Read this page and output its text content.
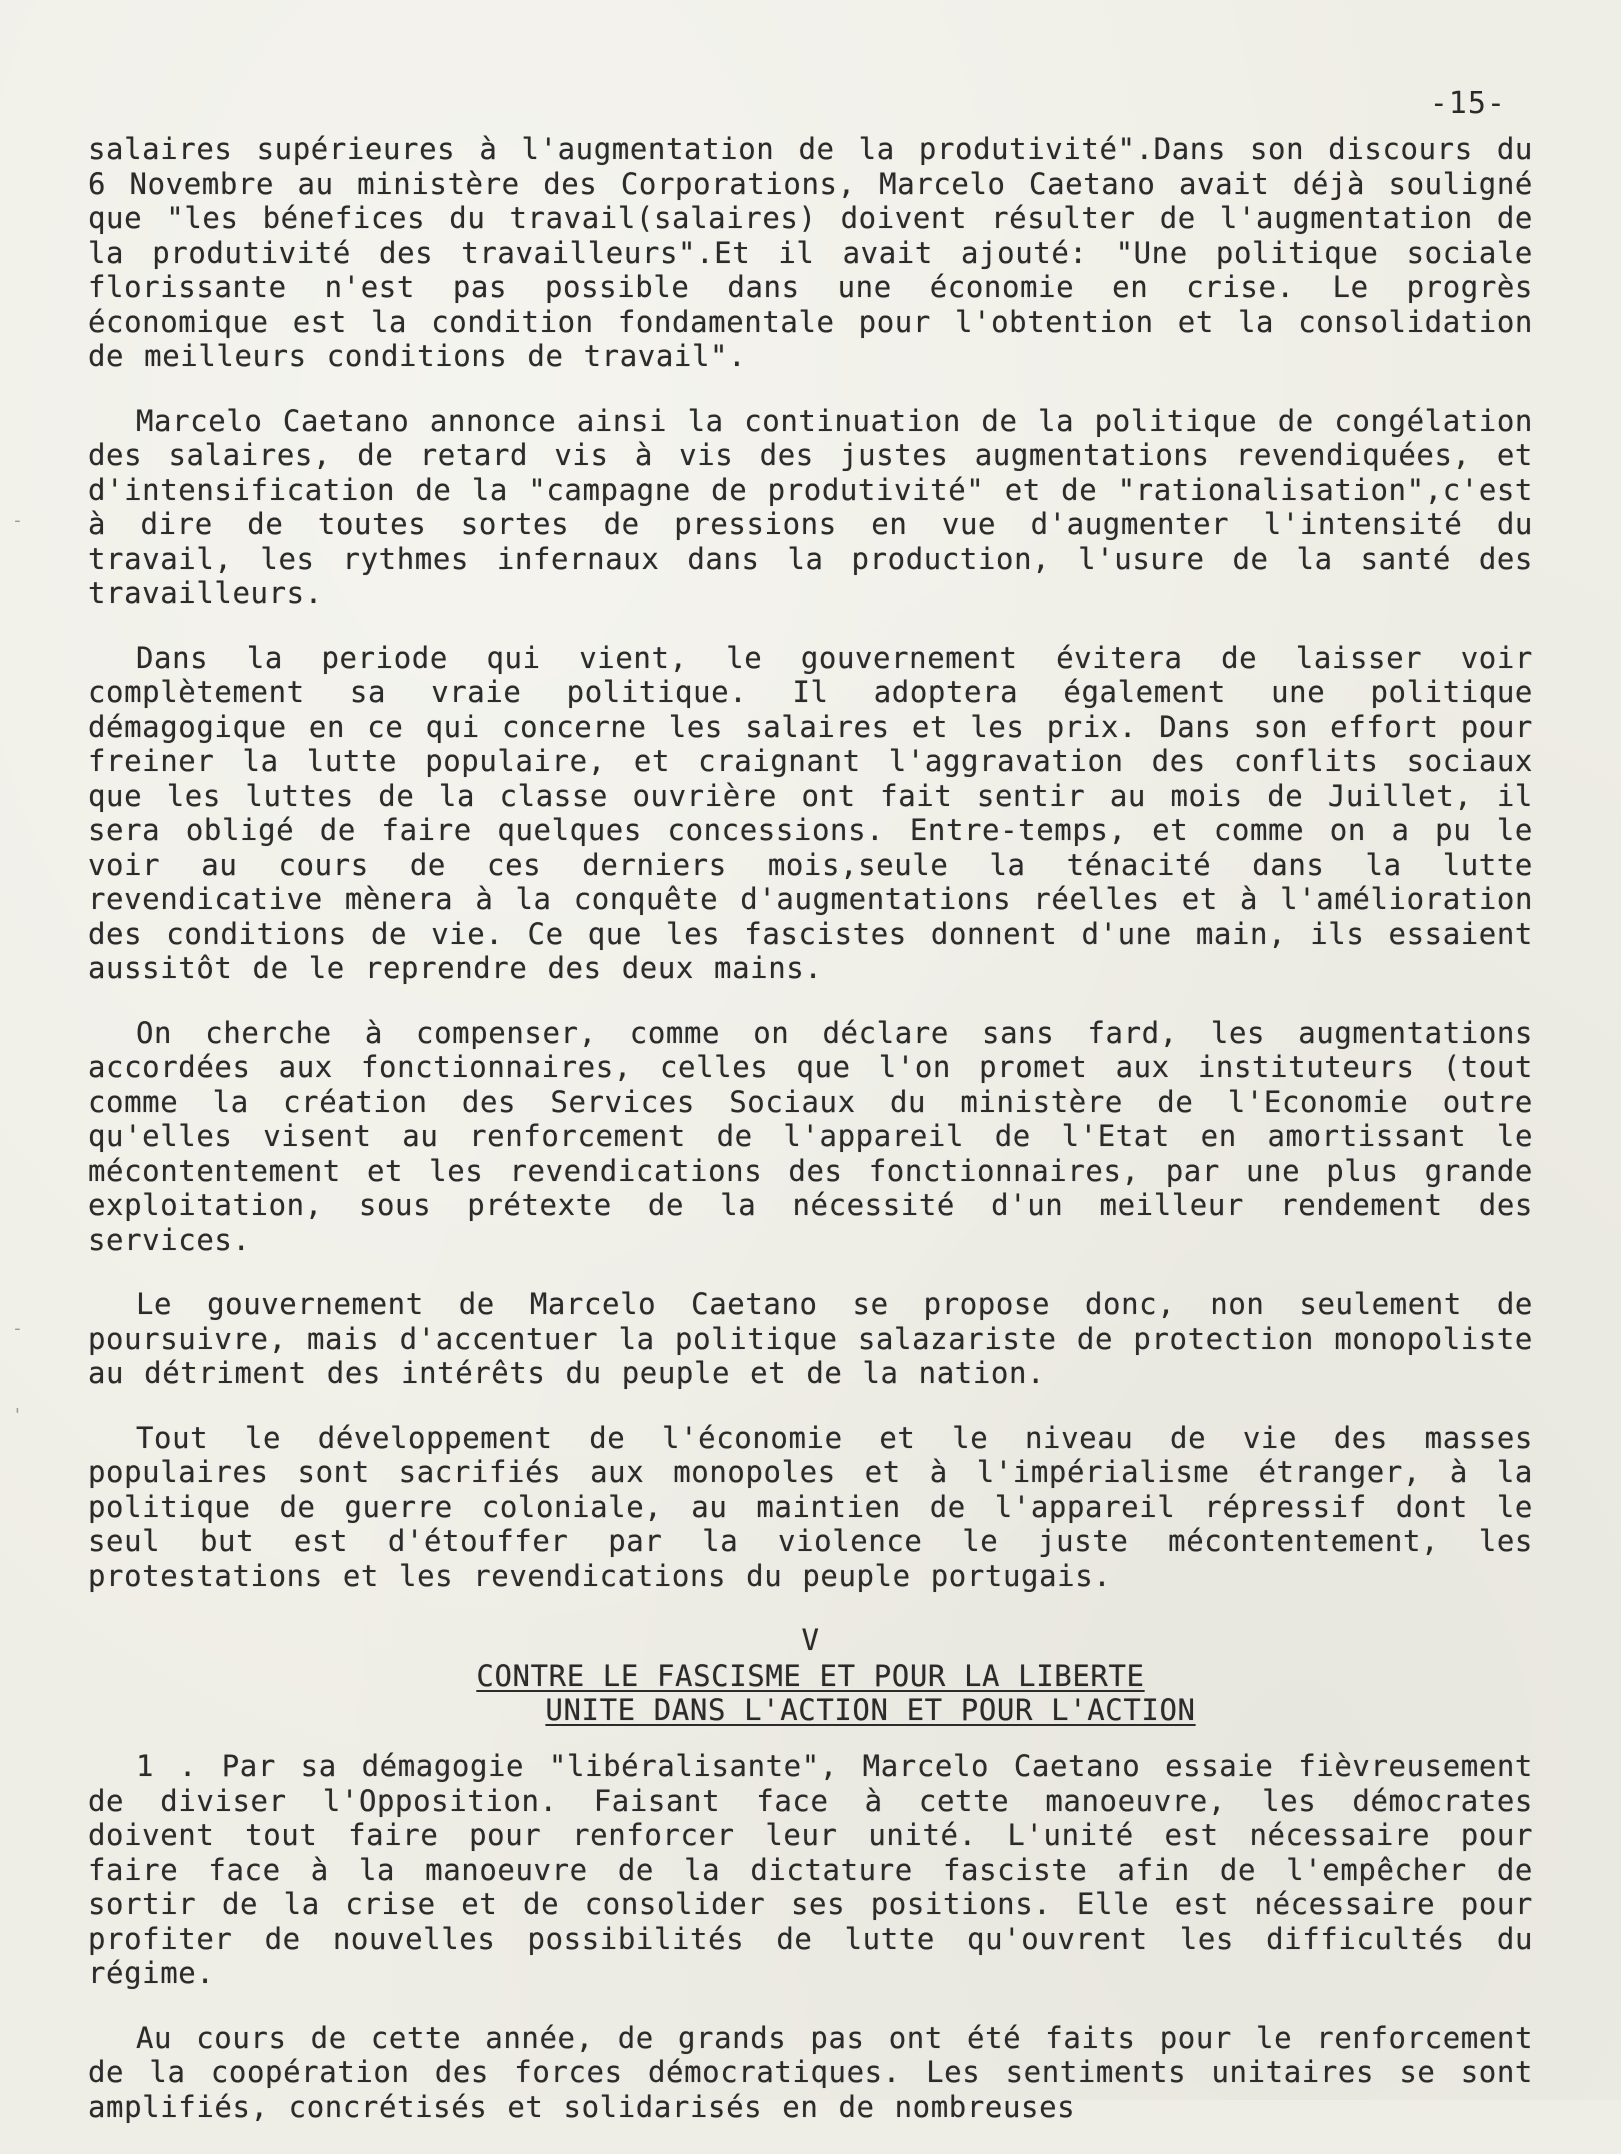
-15-

salaires supérieures à l'augmentation de la produtivité".Dans son discours du 6 Novembre au ministère des Corporations, Marcelo Caetano avait déjà souligné que "les bénefices du travail(salaires) doivent résulter de l'augmentation de la produtivité des travailleurs".Et il avait ajouté: "Une politique sociale florissante n'est pas possible dans une économie en crise. Le progrès économique est la condition fondamentale pour l'obtention et la consolidation de meilleurs conditions de travail".

Marcelo Caetano annonce ainsi la continuation de la politique de congélation des salaires, de retard vis à vis des justes augmentations revendiquées, et d'intensification de la "campagne de produtivité" et de "rationalisation",c'est à dire de toutes sortes de pressions en vue d'augmenter l'intensité du travail, les rythmes infernaux dans la production, l'usure de la santé des travailleurs.

Dans la periode qui vient, le gouvernement évitera de laisser voir complètement sa vraie politique. Il adoptera également une politique démagogique en ce qui concerne les salaires et les prix. Dans son effort pour freiner la lutte populaire, et craignant l'aggravation des conflits sociaux que les luttes de la classe ouvrière ont fait sentir au mois de Juillet, il sera obligé de faire quelques concessions. Entre-temps, et comme on a pu le voir au cours de ces derniers mois,seule la ténacité dans la lutte revendicative mènera à la conquête d'augmentations réelles et à l'amélioration des conditions de vie. Ce que les fascistes donnent d'une main, ils essaient aussitôt de le reprendre des deux mains.

On cherche à compenser, comme on déclare sans fard, les augmentations accordées aux fonctionnaires, celles que l'on promet aux instituteurs (tout comme la création des Services Sociaux du ministère de l'Economie outre qu'elles visent au renforcement de l'appareil de l'Etat en amortissant le mécontentement et les revendications des fonctionnaires, par une plus grande exploitation, sous prétexte de la nécessité d'un meilleur rendement des services.

Le gouvernement de Marcelo Caetano se propose donc, non seulement de poursuivre, mais d'accentuer la politique salazariste de protection monopoliste au détriment des intérêts du peuple et de la nation.

Tout le développement de l'économie et le niveau de vie des masses populaires sont sacrifiés aux monopoles et à l'impérialisme étranger, à la politique de guerre coloniale, au maintien de l'appareil répressif dont le seul but est d'étouffer par la violence le juste mécontentement, les protestations et les revendications du peuple portugais.

V
CONTRE LE FASCISME ET POUR LA LIBERTE
UNITE DANS L'ACTION ET POUR L'ACTION

1 . Par sa démagogie "libéralisante", Marcelo Caetano essaie fièvreusement de diviser l'Opposition. Faisant face à cette manoeuvre, les démocrates doivent tout faire pour renforcer leur unité. L'unité est nécessaire pour faire face à la manoeuvre de la dictature fasciste afin de l'empêcher de sortir de la crise et de consolider ses positions. Elle est nécessaire pour profiter de nouvelles possibilités de lutte qu'ouvrent les difficultés du régime.

Au cours de cette année, de grands pas ont été faits pour le renforcement de la coopération des forces démocratiques. Les sentiments unitaires se sont amplifiés, concrétisés et solidarisés en de nombreuses

-
-
'
